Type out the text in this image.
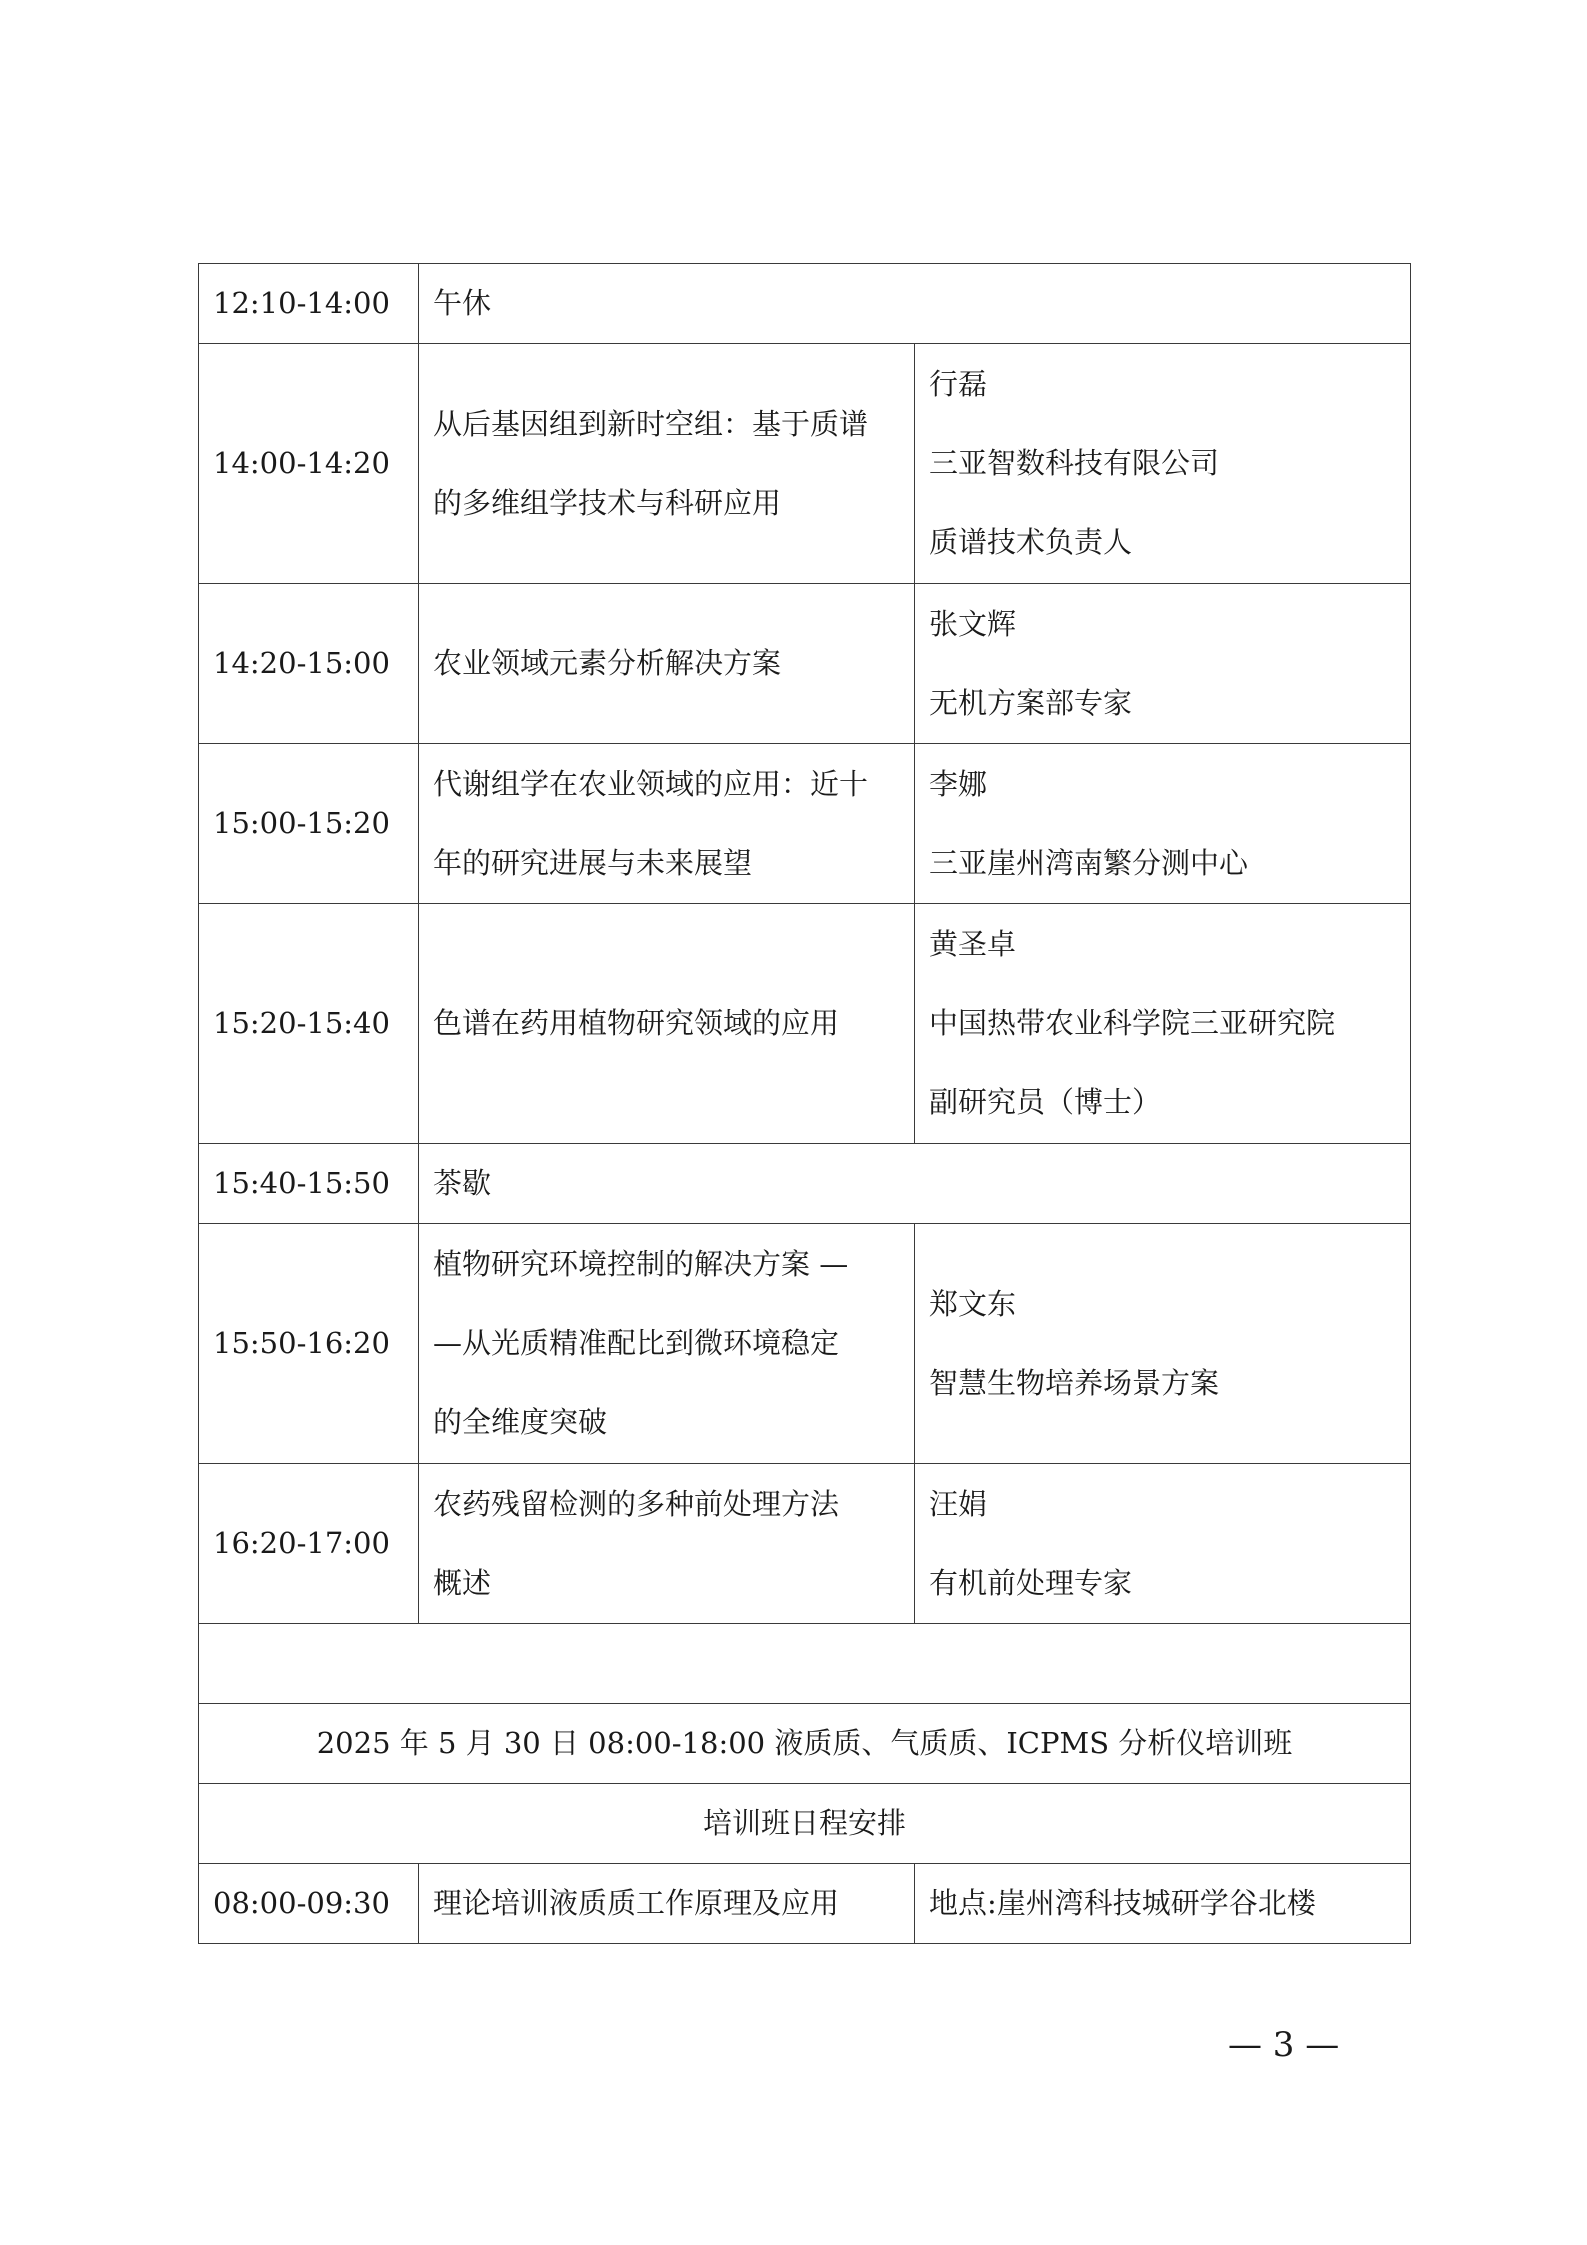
12:10-14:00	午休	

14:00-14:20	从后基因组到新时空组：基于质谱
的多维组学技术与科研应用	行磊
三亚智数科技有限公司
质谱技术负责人

14:20-15:00	农业领域元素分析解决方案	张文辉
无机方案部专家

15:00-15:20	代谢组学在农业领域的应用：近十
年的研究进展与未来展望	李娜
三亚崖州湾南繁分测中心

15:20-15:40	色谱在药用植物研究领域的应用	黄圣卓
中国热带农业科学院三亚研究院
副研究员（博士）

15:40-15:50	茶歇	

15:50-16:20	植物研究环境控制的解决方案 —
—从光质精准配比到微环境稳定
的全维度突破	郑文东
智慧生物培养场景方案

16:20-17:00	农药残留检测的多种前处理方法
概述	汪娟
有机前处理专家

2025 年 5 月 30 日 08:00-18:00 液质质、气质质、ICPMS 分析仪培训班		
培训班日程安排		
08:00-09:30	理论培训液质质工作原理及应用	地点:崖州湾科技城研学谷北楼
— 3 —
